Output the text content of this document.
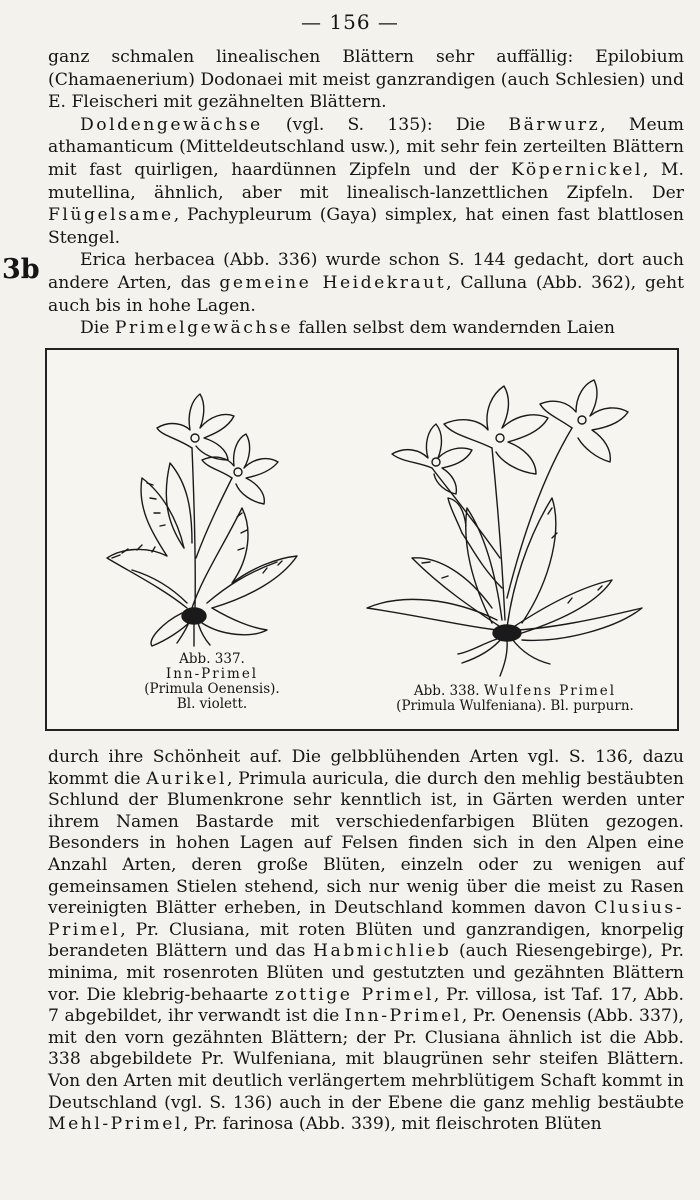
— 156 —
3b

ganz schmalen linealischen Blättern sehr auffällig: Epilobium (Chamaenerium) Dodonaei mit meist ganzrandigen (auch Schlesien) und E. Fleischeri mit gezähnelten Blättern.

Doldengewächse (vgl. S. 135): Die Bärwurz, Meum athamanticum (Mitteldeutschland usw.), mit sehr fein zerteilten Blättern mit fast quirligen, haardünnen Zipfeln und der Köpernickel, M. mutellina, ähnlich, aber mit linealisch-lanzettlichen Zipfeln. Der Flügelsame, Pachypleurum (Gaya) simplex, hat einen fast blattlosen Stengel.

Erica herbacea (Abb. 336) wurde schon S. 144 gedacht, dort auch andere Arten, das gemeine Heidekraut, Calluna (Abb. 362), geht auch bis in hohe Lagen.

Die Primelgewächse fallen selbst dem wandernden Laien

Abb. 337.
Inn-Primel
(Primula Oenensis).
Bl. violett.
Abb. 338. Wulfens Primel
(Primula Wulfeniana). Bl. purpurn.

durch ihre Schönheit auf. Die gelbblühenden Arten vgl. S. 136, dazu kommt die Aurikel, Primula auricula, die durch den mehlig bestäubten Schlund der Blumenkrone sehr kenntlich ist, in Gärten werden unter ihrem Namen Bastarde mit verschiedenfarbigen Blüten gezogen. Besonders in hohen Lagen auf Felsen finden sich in den Alpen eine Anzahl Arten, deren große Blüten, einzeln oder zu wenigen auf gemeinsamen Stielen stehend, sich nur wenig über die meist zu Rasen vereinigten Blätter erheben, in Deutschland kommen davon Clusius-Primel, Pr. Clusiana, mit roten Blüten und ganzrandigen, knorpelig berandeten Blättern und das Habmichlieb (auch Riesengebirge), Pr. minima, mit rosenroten Blüten und gestutzten und gezähnten Blättern vor. Die klebrig-behaarte zottige Primel, Pr. villosa, ist Taf. 17, Abb. 7 abgebildet, ihr verwandt ist die Inn-Primel, Pr. Oenensis (Abb. 337), mit den vorn gezähnten Blättern; der Pr. Clusiana ähnlich ist die Abb. 338 abgebildete Pr. Wulfeniana, mit blaugrünen sehr steifen Blättern. Von den Arten mit deutlich verlängertem mehrblütigem Schaft kommt in Deutschland (vgl. S. 136) auch in der Ebene die ganz mehlig bestäubte Mehl-Primel, Pr. farinosa (Abb. 339), mit fleischroten Blüten
